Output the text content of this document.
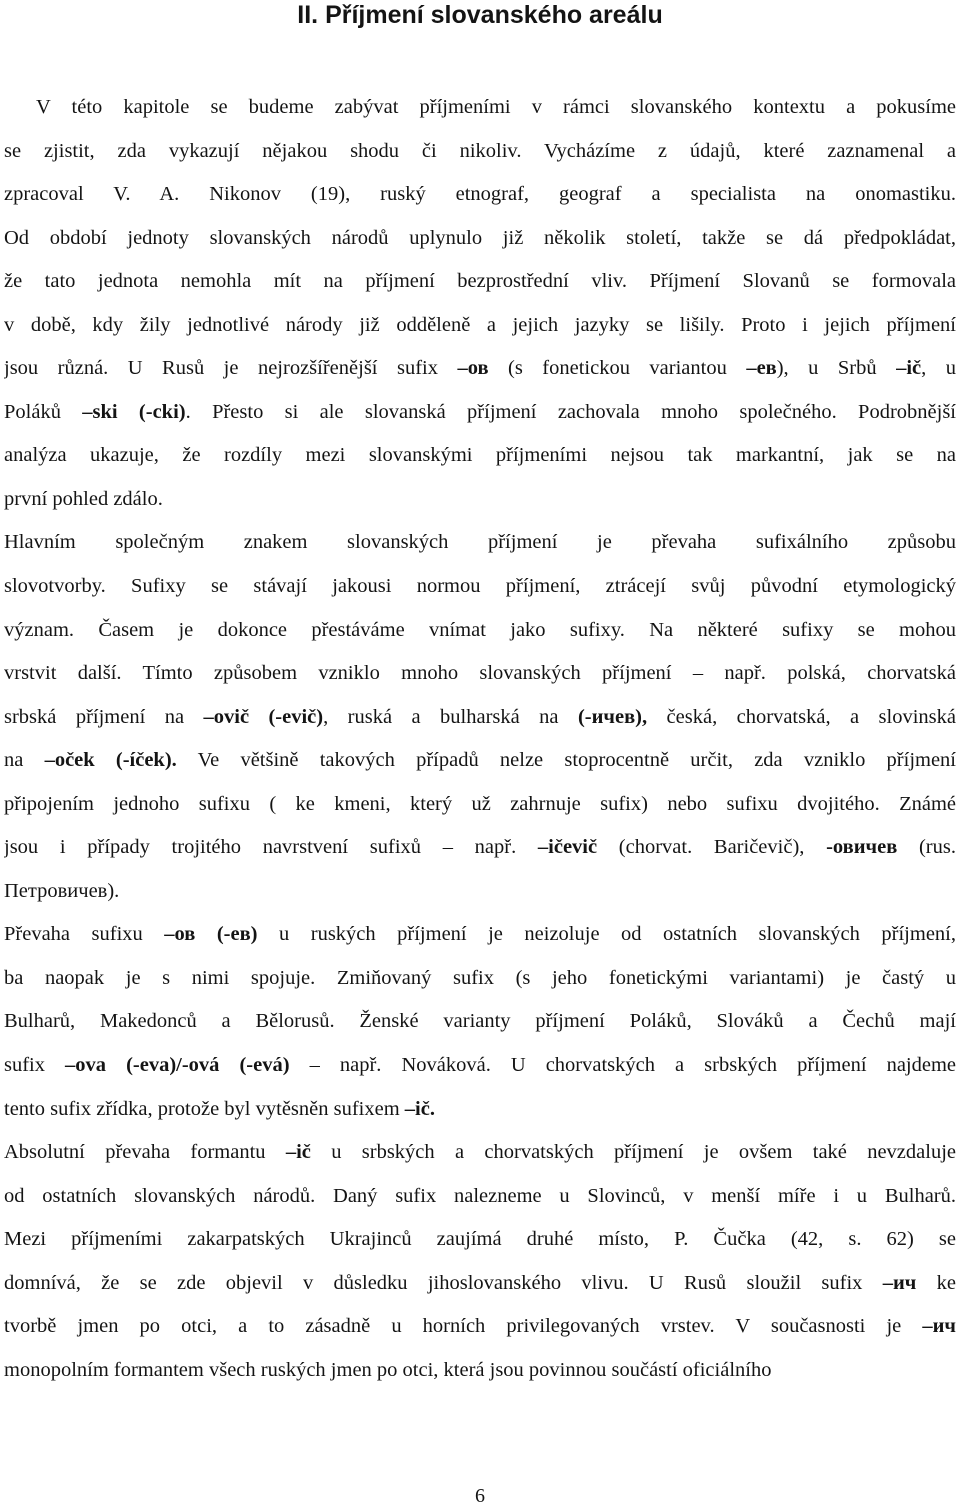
II. Příjmení slovanského areálu
V této kapitole se budeme zabývat příjmeními v rámci slovanského kontextu a pokusíme
se zjistit, zda vykazují nějakou shodu či nikoliv. Vycházíme z údajů, které zaznamenal a
zpracoval V. A. Nikonov (19), ruský etnograf, geograf a specialista na onomastiku.
Od období jednoty slovanských národů uplynulo již několik století, takže se dá předpokládat,
že tato jednota nemohla mít na příjmení bezprostřední vliv. Příjmení Slovanů se formovala
v době, kdy žily jednotlivé národy již odděleně a jejich jazyky se lišily. Proto i jejich příjmení
jsou různá. U Rusů je nejrozšířenější sufix –ов (s fonetickou variantou –ев), u Srbů –ič, u
Poláků –ski (-cki). Přesto si ale slovanská příjmení zachovala mnoho společného. Podrobnější
analýza ukazuje, že rozdíly mezi slovanskými příjmeními nejsou tak markantní, jak se na
první pohled zdálo.
Hlavním společným znakem slovanských příjmení je převaha sufixálního způsobu
slovotvorby. Sufixy se stávají jakousi normou příjmení, ztrácejí svůj původní etymologický
význam. Časem je dokonce přestáváme vnímat jako sufixy. Na některé sufixy se mohou
vrstvit další. Tímto způsobem vzniklo mnoho slovanských příjmení – např. polská, chorvatská
srbská příjmení na –ovič (-evič), ruská a bulharská na (-ичев), česká, chorvatská, a slovinská
na –oček (-íček). Ve většině takových případů nelze stoprocentně určit, zda vzniklo příjmení
připojením jednoho sufixu ( ke kmeni, který už zahrnuje sufix) nebo sufixu dvojitého. Známé
jsou i případy trojitého navrstvení sufixů – např. –ičevič (chorvat. Baričevič), -овичев (rus.
Петровичев).
Převaha sufixu –ов (-ев) u ruských příjmení je neizoluje od ostatních slovanských příjmení,
ba naopak je s nimi spojuje. Zmiňovaný sufix (s jeho fonetickými variantami) je častý u
Bulharů, Makedonců a Bělorusů. Ženské varianty příjmení Poláků, Slováků a Čechů mají
sufix –ova (-eva)/-ová (-evá) – např. Nováková. U chorvatských a srbských příjmení najdeme
tento sufix zřídka, protože byl vytěsněn sufixem –ič.
Absolutní převaha formantu –ič u srbských a chorvatských příjmení je ovšem také nevzdaluje
od ostatních slovanských národů. Daný sufix nalezneme u Slovinců, v menší míře i u Bulharů.
Mezi příjmeními zakarpatských Ukrajinců zaujímá druhé místo, P. Čučka (42, s. 62) se
domnívá, že se zde objevil v důsledku jihoslovanského vlivu. U Rusů sloužil sufix –ич ke
tvorbě jmen po otci, a to zásadně u horních privilegovaných vrstev. V současnosti je –ич
monopolním formantem všech ruských jmen po otci, která jsou povinnou součástí oficiálního
6
